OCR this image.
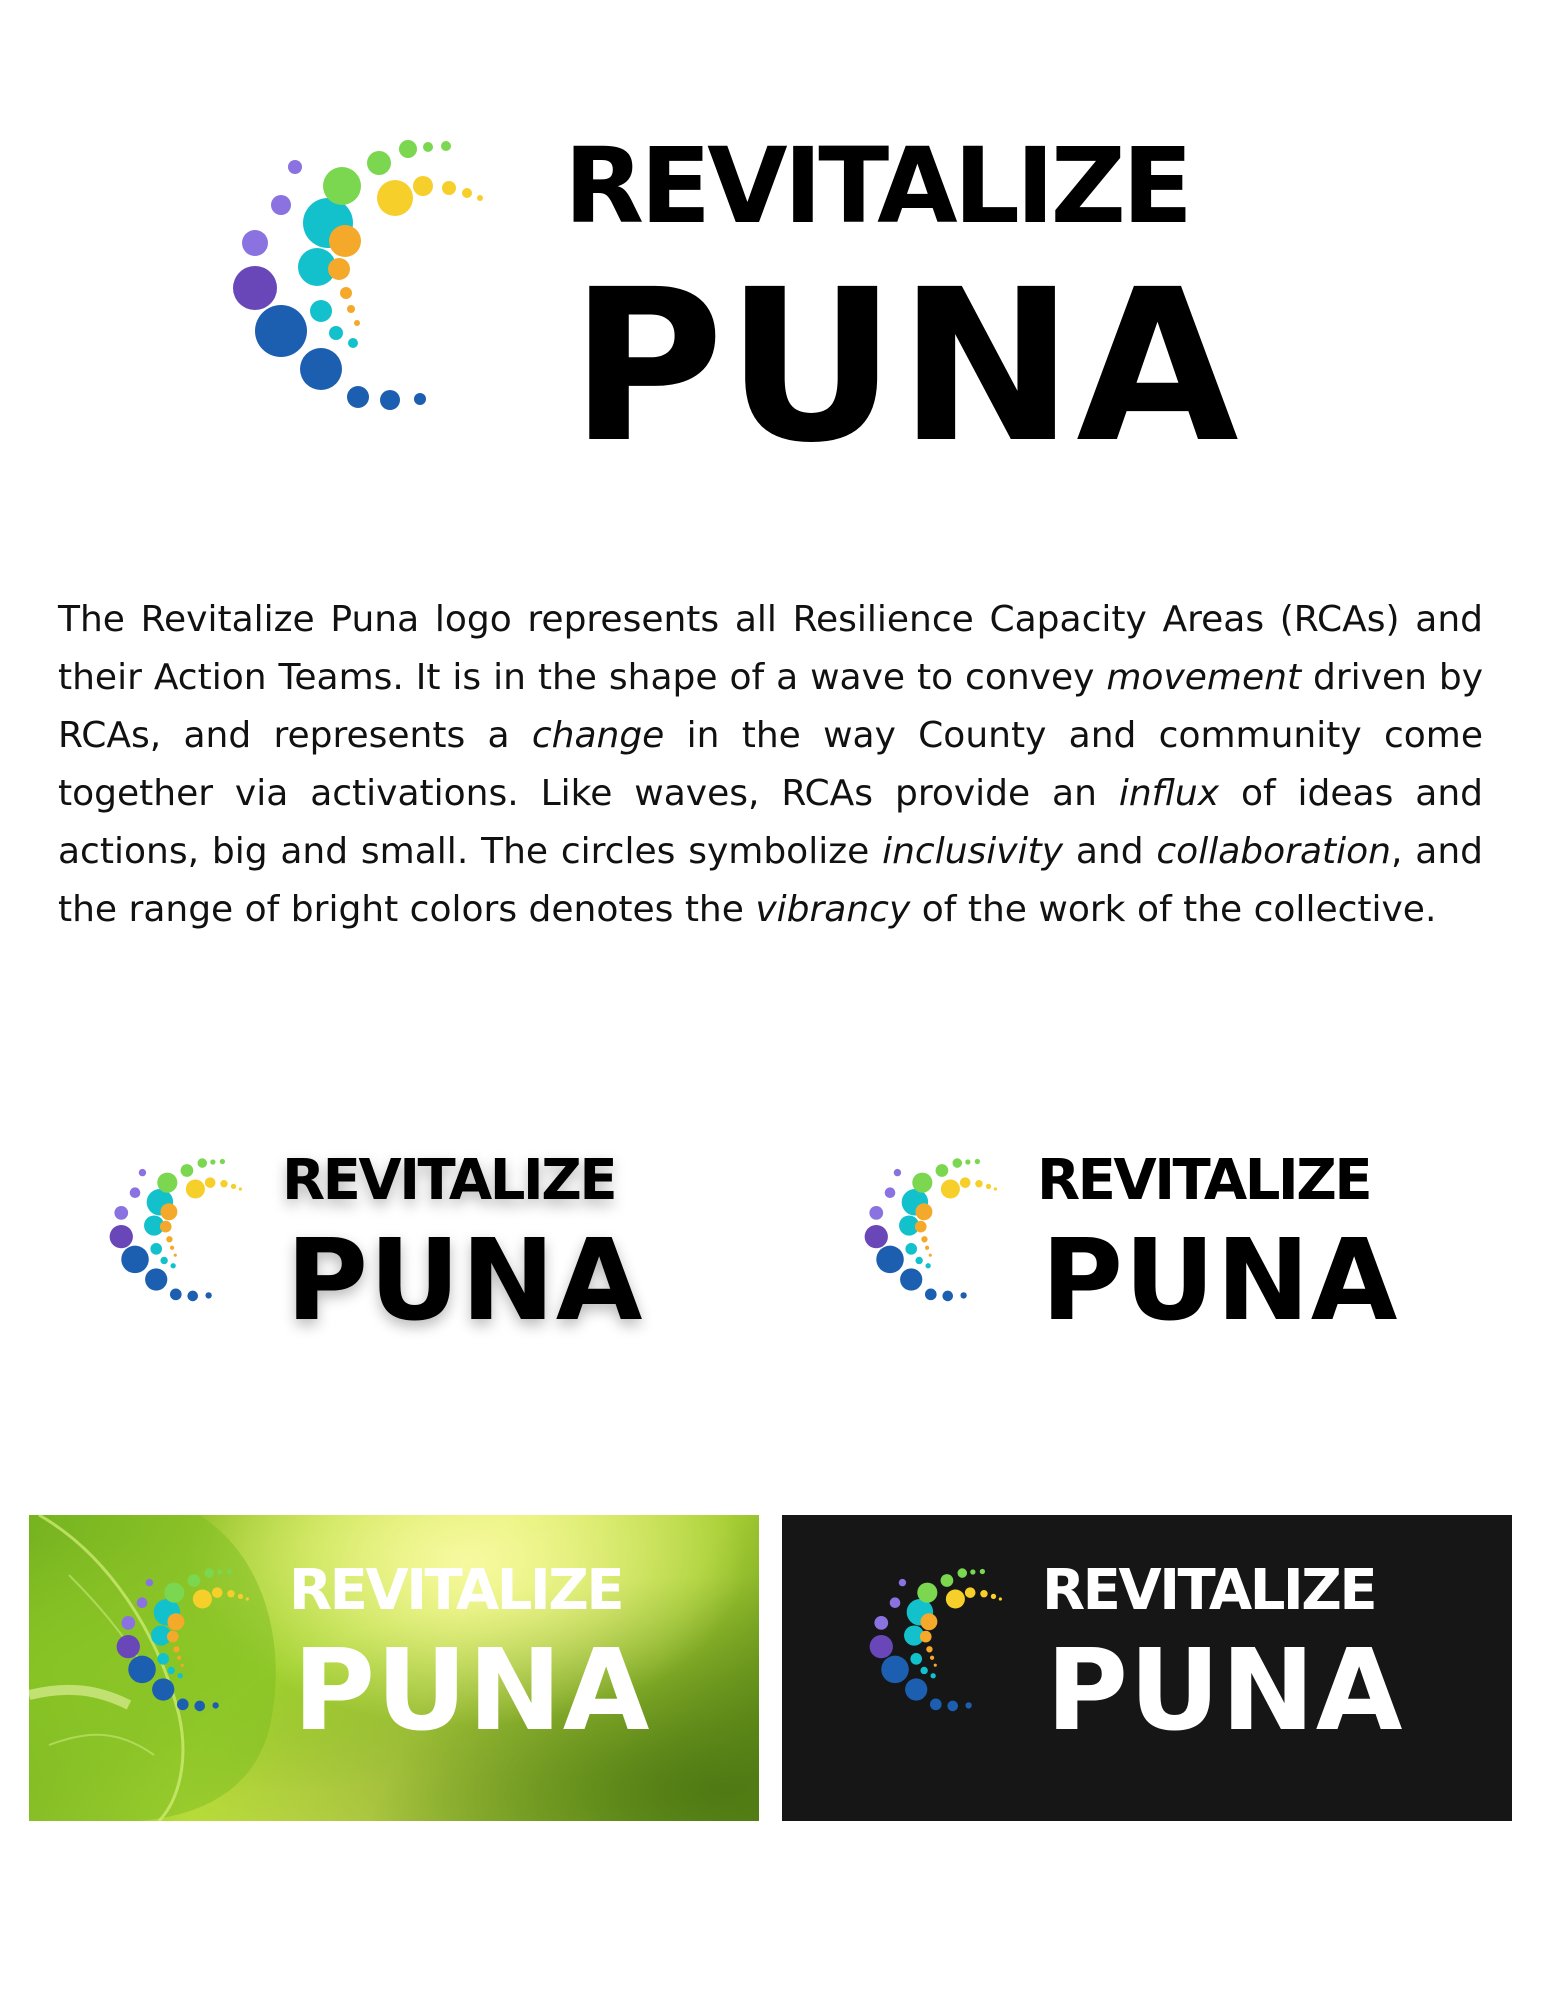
REVITALIZE
PUNA

The Revitalize Puna logo represents all Resilience Capacity Areas (RCAs) and their Action Teams. It is in the shape of a wave to convey movement driven by RCAs, and represents a change in the way County and community come together via activations. Like waves, RCAs provide an influx of ideas and actions, big and small. The circles symbolize inclusivity and collaboration, and the range of bright colors denotes the vibrancy of the work of the collective.

REVITALIZE
PUNA
REVITALIZE
PUNA
REVITALIZE
PUNA
REVITALIZE
PUNA
